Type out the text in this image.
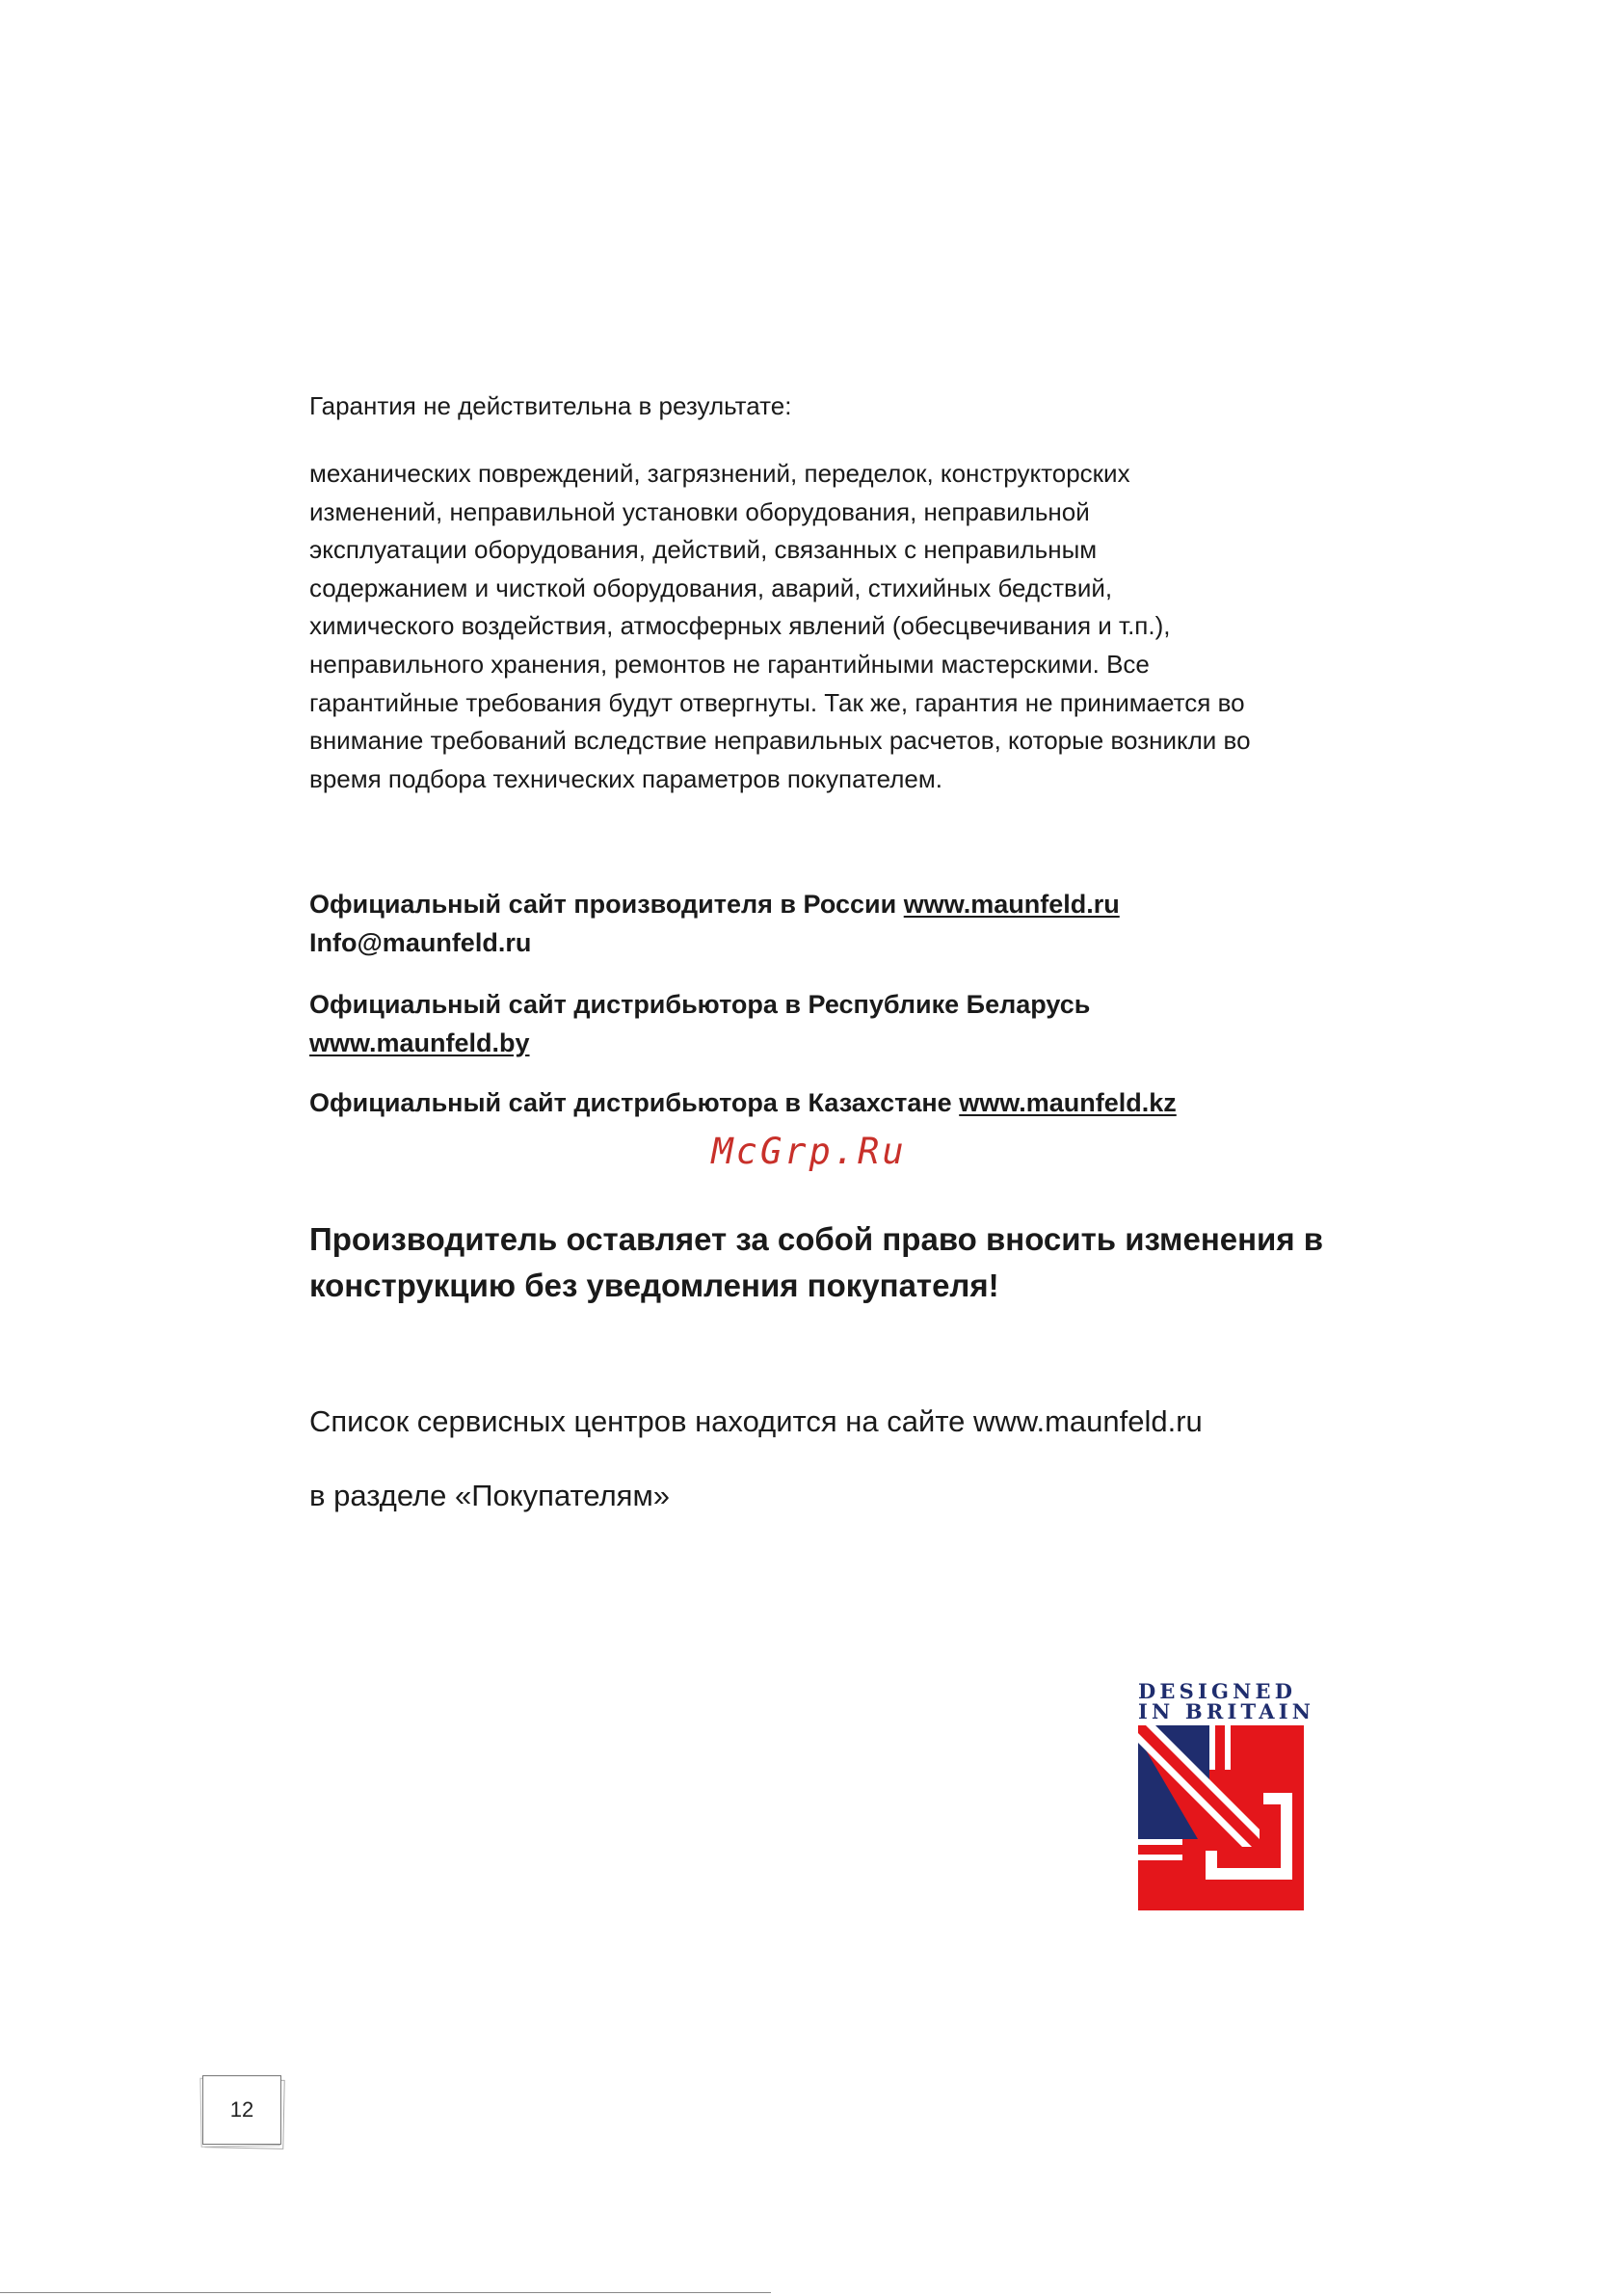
Гарантия не действительна в результате:
механических повреждений, загрязнений, переделок, конструкторских
изменений, неправильной установки оборудования, неправильной
эксплуатации оборудования, действий, связанных с неправильным
содержанием и чисткой оборудования, аварий, стихийных бедствий,
химического воздействия, атмосферных явлений (обесцвечивания и т.п.),
неправильного хранения, ремонтов не гарантийными мастерскими. Все
гарантийные требования будут отвергнуты. Так же, гарантия не принимается во
внимание требований вследствие неправильных расчетов, которые возникли во
время подбора технических параметров покупателем.
Официальный сайт производителя в России www.maunfeld.ru
Info@maunfeld.ru
Официальный сайт дистрибьютора в Республике Беларусь
www.maunfeld.by
Официальный сайт дистрибьютора в Казахстане www.maunfeld.kz
McGrp.Ru
Производитель оставляет за собой право вносить изменения в
конструкцию без уведомления покупателя!
Список сервисных центров находится на сайте www.maunfeld.ru
в разделе «Покупателям»
DESIGNED
IN BRITAIN
12
